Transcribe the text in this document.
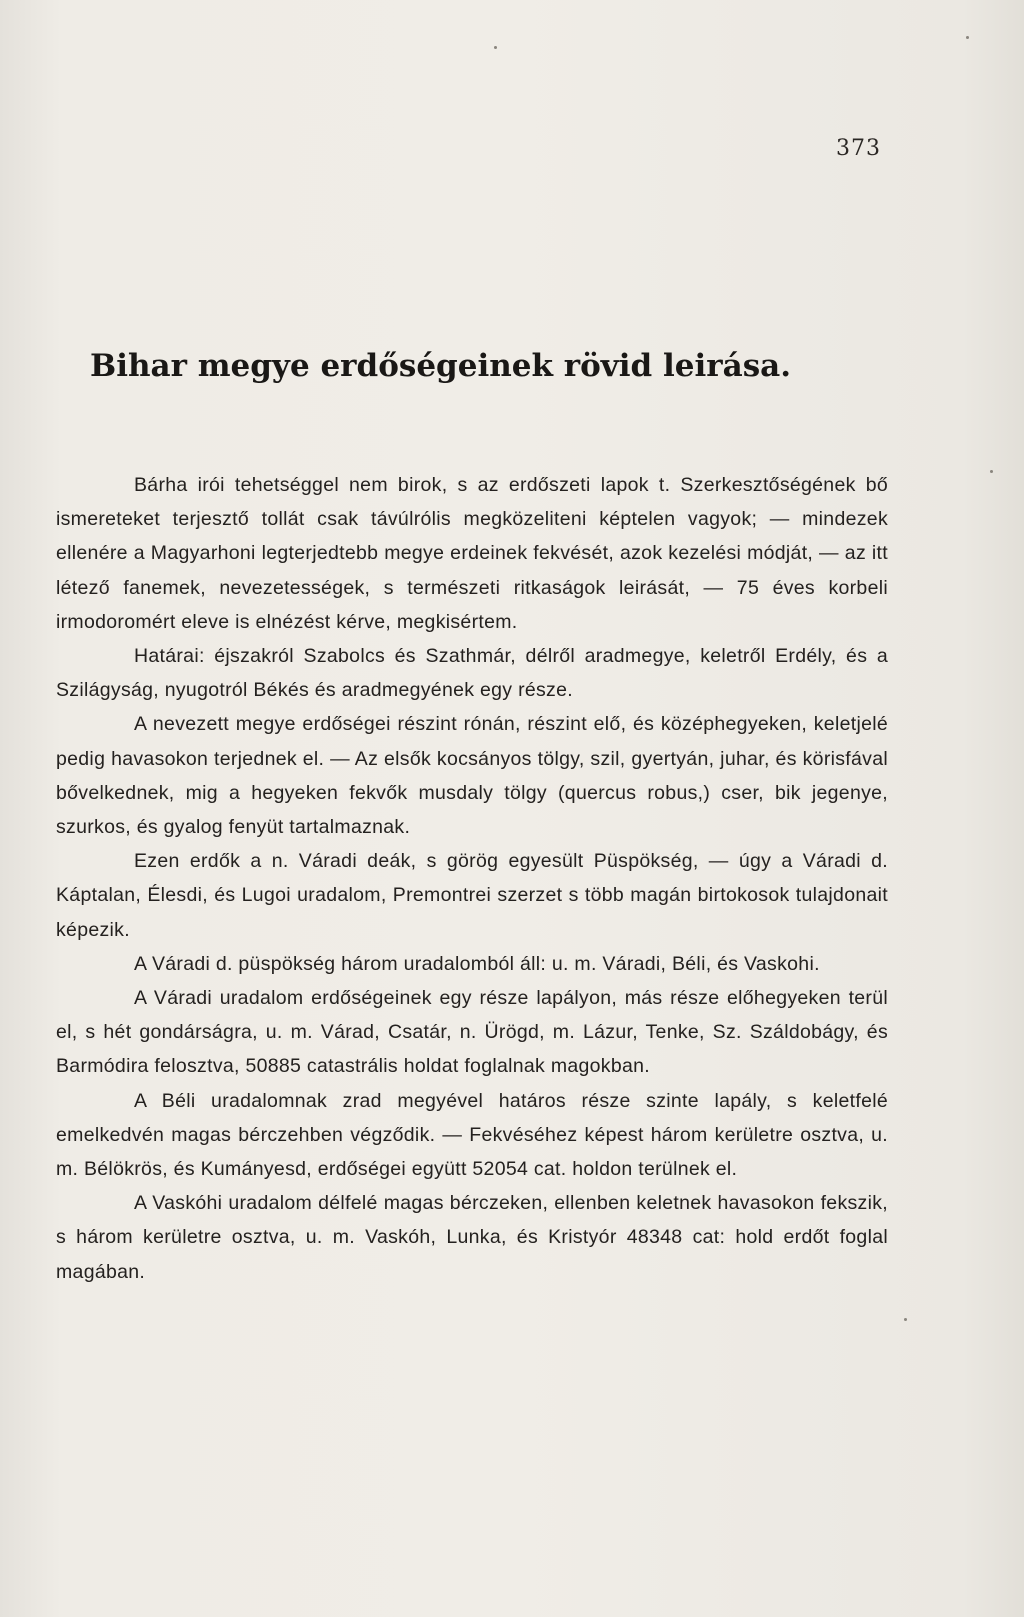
373
Bihar megye erdőségeinek rövid leirása.

Bárha irói tehetséggel nem birok, s az erdőszeti lapok t. Szerkesztőségének bő ismereteket terjesztő tollát csak távúlrólis megközeliteni képtelen vagyok; — mindezek ellenére a Magyarhoni legterjedtebb megye erdeinek fekvését, azok kezelési módját, — az itt létező fanemek, nevezetességek, s természeti ritkaságok leirását, — 75 éves korbeli irmodoromért eleve is elnézést kérve, megkisértem.

Határai: éjszakról Szabolcs és Szathmár, délről aradmegye, keletről Erdély, és a Szilágyság, nyugotról Békés és aradmegyének egy része.

A nevezett megye erdőségei részint rónán, részint elő, és középhegyeken, keletjelé pedig havasokon terjednek el. — Az elsők kocsányos tölgy, szil, gyertyán, juhar, és körisfával bővelkednek, mig a hegyeken fekvők musdaly tölgy (quercus robus,) cser, bik jegenye, szurkos, és gyalog fenyüt tartalmaznak.

Ezen erdők a n. Váradi deák, s görög egyesült Püspökség, — úgy a Váradi d. Káptalan, Élesdi, és Lugoi uradalom, Premontrei szerzet s több magán birtokosok tulajdonait képezik.

A Váradi d. püspökség három uradalomból áll: u. m. Váradi, Béli, és Vaskohi.

A Váradi uradalom erdőségeinek egy része lapályon, más része előhegyeken terül el, s hét gondárságra, u. m. Várad, Csatár, n. Ürögd, m. Lázur, Tenke, Sz. Száldobágy, és Barmódira felosztva, 50885 catastrális holdat foglalnak magokban.

A Béli uradalomnak zrad megyével határos része szinte lapály, s keletfelé emelkedvén magas bérczehben végződik. — Fekvéséhez képest három kerületre osztva, u. m. Bélökrös, és Kumányesd, erdőségei együtt 52054 cat. holdon terülnek el.

A Vaskóhi uradalom délfelé magas bérczeken, ellenben keletnek havasokon fekszik, s három kerületre osztva, u. m. Vaskóh, Lunka, és Kristyór 48348 cat: hold erdőt foglal magában.
